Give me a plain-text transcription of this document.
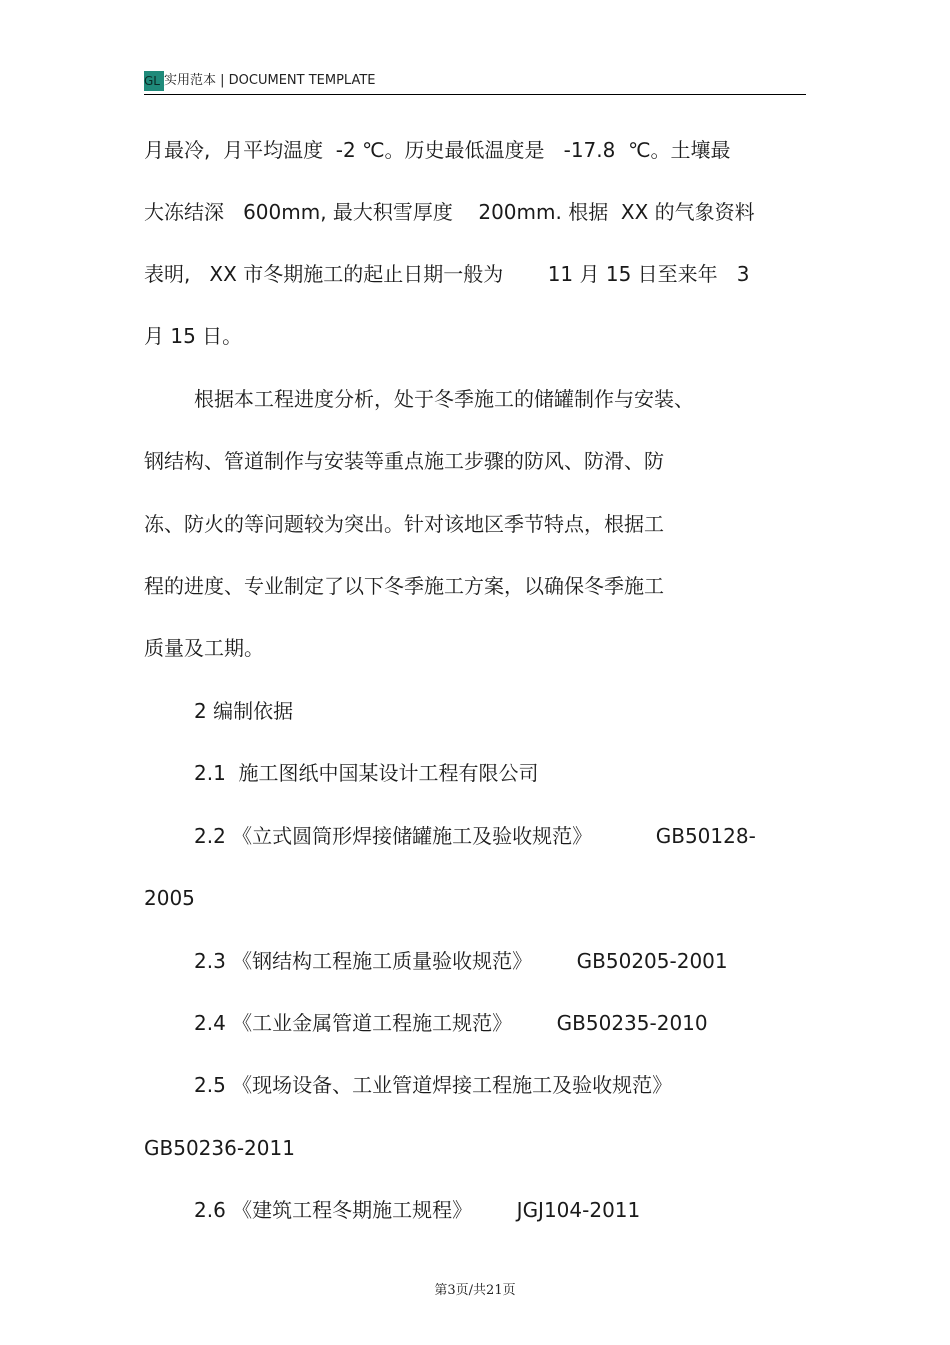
GL 实用范本 | DOCUMENT TEMPLATE
月最冷,  月平均温度  -2 ℃。历史最低温度是   -17.8  ℃。土壤最
大冻结深   600mm, 最大积雪厚度    200mm. 根据  XX 的气象资料
表明,   XX 市冬期施工的起止日期一般为       11 月 15 日至来年   3
月 15 日。
根据本工程进度分析，处于冬季施工的储罐制作与安装、
钢结构、管道制作与安装等重点施工步骤的防风、防滑、防
冻、防火的等问题较为突出。针对该地区季节特点，根据工
程的进度、专业制定了以下冬季施工方案，以确保冬季施工
质量及工期。
2 编制依据
2.1  施工图纸中国某设计工程有限公司
2.2 《立式圆筒形焊接储罐施工及验收规范》          GB50128-
2005
2.3 《钢结构工程施工质量验收规范》       GB50205-2001
2.4 《工业金属管道工程施工规范》       GB50235-2010
2.5 《现场设备、工业管道焊接工程施工及验收规范》
GB50236-2011
2.6 《建筑工程冬期施工规程》       JGJ104-2011
第3页/共21页
